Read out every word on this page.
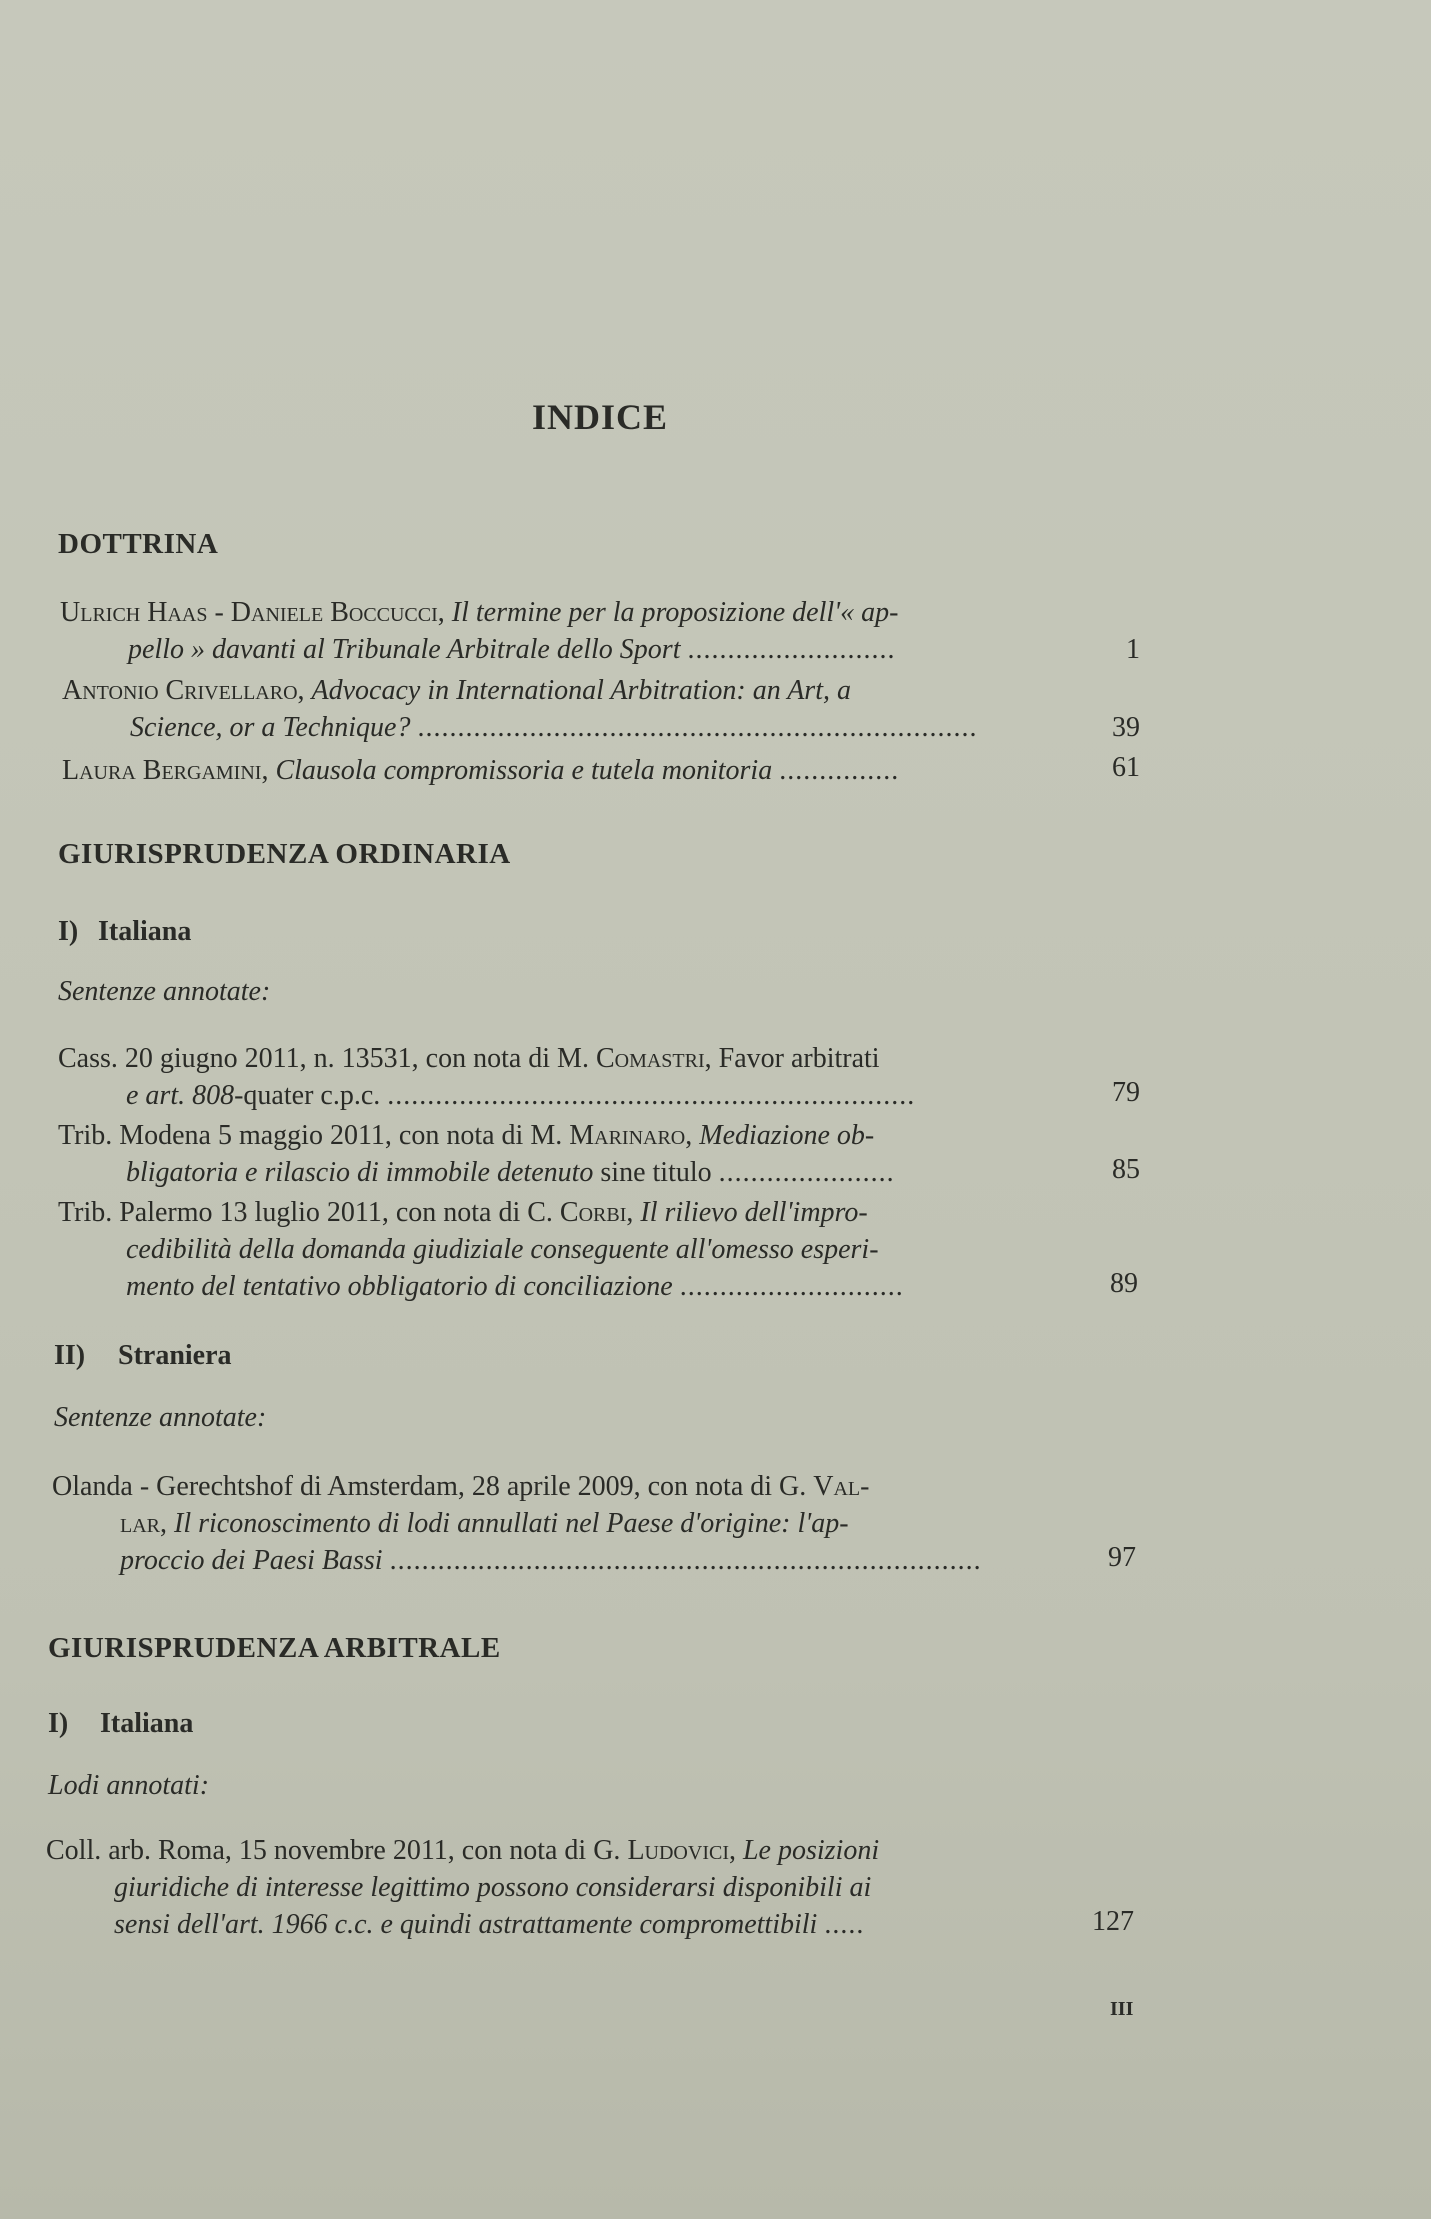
INDICE
DOTTRINA
Ulrich Haas - Daniele Boccucci, Il termine per la proposizione dell'« ap-
pello » davanti al Tribunale Arbitrale dello Sport ..........................	1
Antonio Crivellaro, Advocacy in International Arbitration: an Art, a
Science, or a Technique? ......................................................................	39
Laura Bergamini, Clausola compromissoria e tutela monitoria ...............	61
GIURISPRUDENZA ORDINARIA
I) Italiana
Sentenze annotate:
Cass. 20 giugno 2011, n. 13531, con nota di M. Comastri, Favor arbitrati
e art. 808-quater c.p.c. ..................................................................	79
Trib. Modena 5 maggio 2011, con nota di M. Marinaro, Mediazione ob-
bligatoria e rilascio di immobile detenuto sine titulo ......................	85
Trib. Palermo 13 luglio 2011, con nota di C. Corbi, Il rilievo dell'impro-
cedibilità della domanda giudiziale conseguente all'omesso esperi-
mento del tentativo obbligatorio di conciliazione ............................	89
II) Straniera
Sentenze annotate:
Olanda - Gerechtshof di Amsterdam, 28 aprile 2009, con nota di G. Val-
lar, Il riconoscimento di lodi annullati nel Paese d'origine: l'ap-
proccio dei Paesi Bassi ..........................................................................	97
GIURISPRUDENZA ARBITRALE
I) Italiana
Lodi annotati:
Coll. arb. Roma, 15 novembre 2011, con nota di G. Ludovici, Le posizioni
giuridiche di interesse legittimo possono considerarsi disponibili ai
sensi dell'art. 1966 c.c. e quindi astrattamente compromettibili .....	127
III
